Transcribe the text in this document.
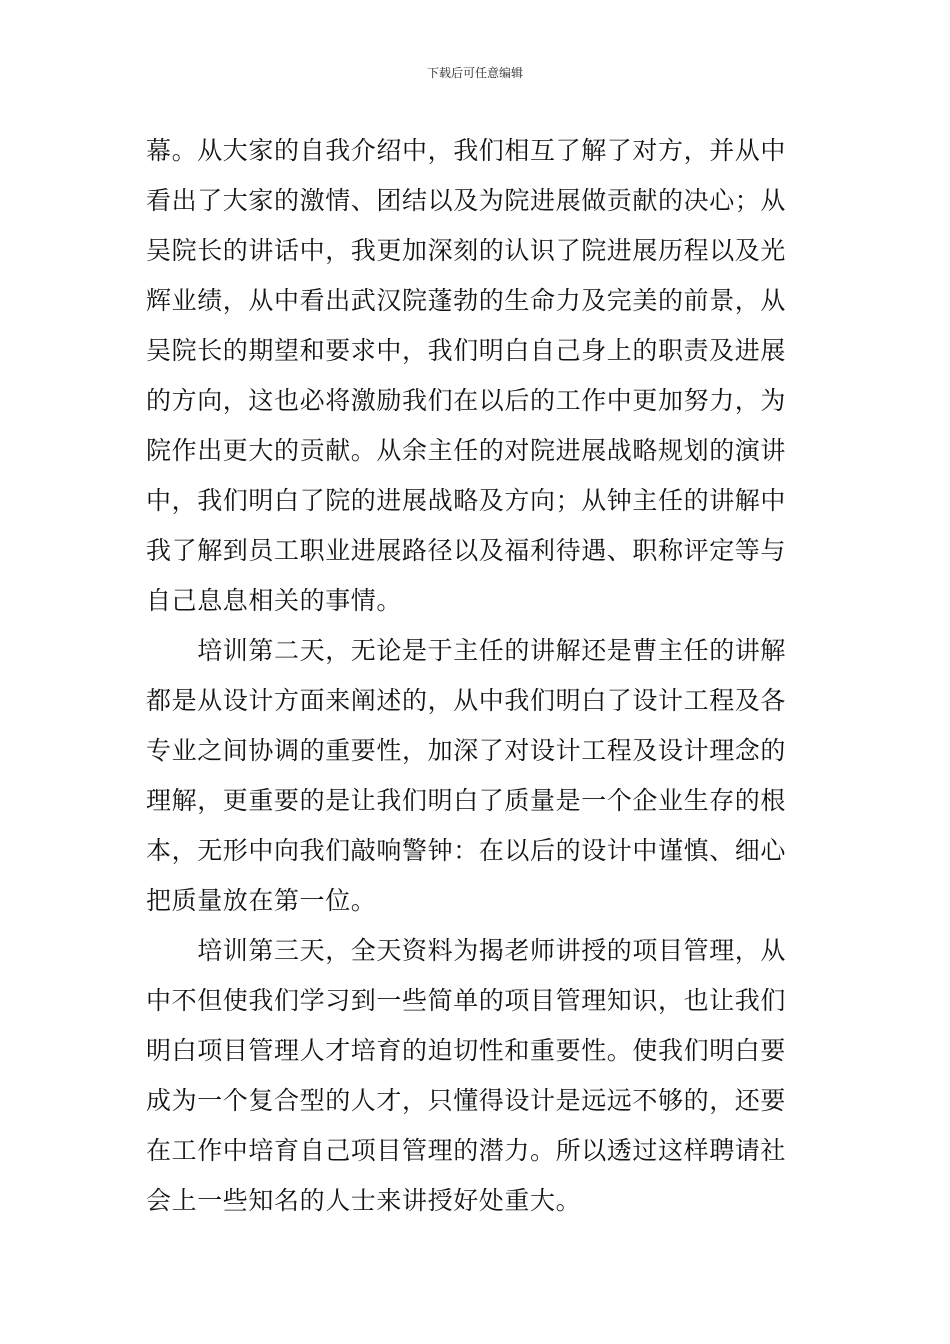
下载后可任意编辑
幕。从大家的自我介绍中，我们相互了解了对方，并从中
看出了大家的激情、团结以及为院进展做贡献的决心；从
吴院长的讲话中，我更加深刻的认识了院进展历程以及光
辉业绩，从中看出武汉院蓬勃的生命力及完美的前景，从
吴院长的期望和要求中，我们明白自己身上的职责及进展
的方向，这也必将激励我们在以后的工作中更加努力，为
院作出更大的贡献。从余主任的对院进展战略规划的演讲
中，我们明白了院的进展战略及方向；从钟主任的讲解中
我了解到员工职业进展路径以及福利待遇、职称评定等与
自己息息相关的事情。
　　培训第二天，无论是于主任的讲解还是曹主任的讲解
都是从设计方面来阐述的，从中我们明白了设计工程及各
专业之间协调的重要性，加深了对设计工程及设计理念的
理解，更重要的是让我们明白了质量是一个企业生存的根
本，无形中向我们敲响警钟：在以后的设计中谨慎、细心
把质量放在第一位。
　　培训第三天，全天资料为揭老师讲授的项目管理，从
中不但使我们学习到一些简单的项目管理知识，也让我们
明白项目管理人才培育的迫切性和重要性。使我们明白要
成为一个复合型的人才，只懂得设计是远远不够的，还要
在工作中培育自己项目管理的潜力。所以透过这样聘请社
会上一些知名的人士来讲授好处重大。
